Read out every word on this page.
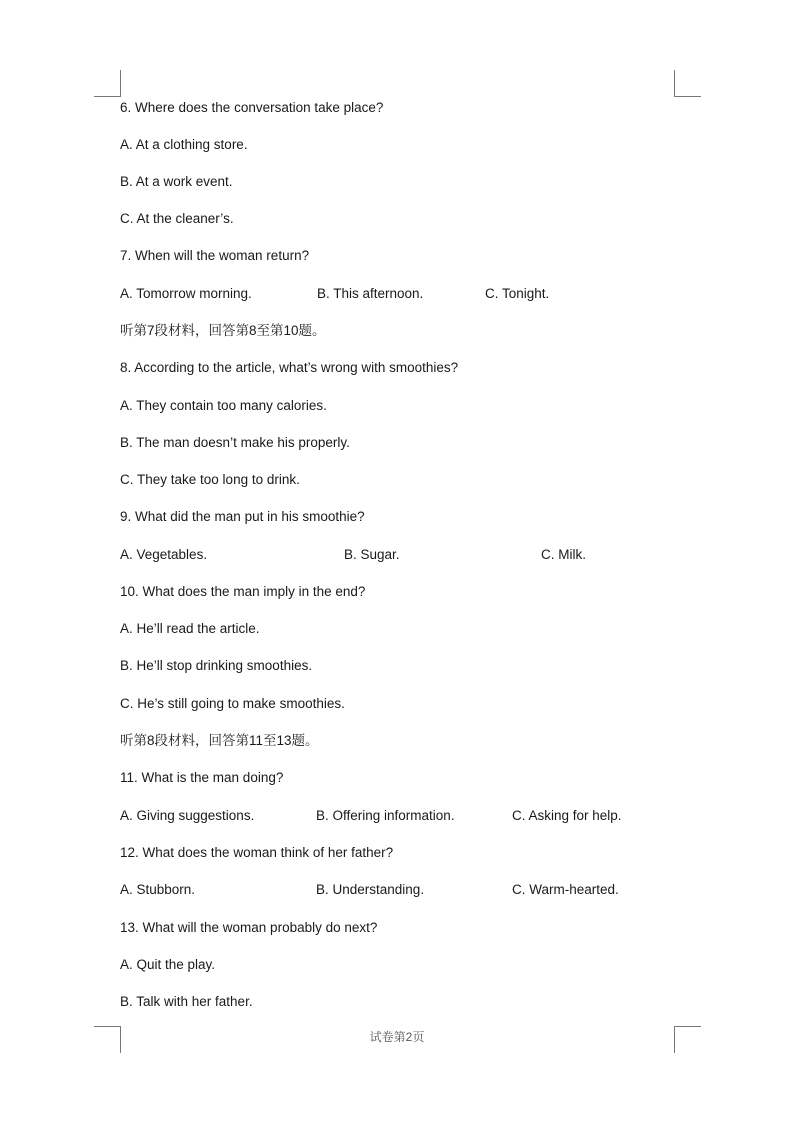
6. Where does the conversation take place?
A. At a clothing store.
B. At a work event.
C. At the cleaner’s.
7. When will the woman return?
A. Tomorrow morning.	B. This afternoon.	C. Tonight.
听第7段材料，回答第8至第10题。
8. According to the article, what’s wrong with smoothies?
A. They contain too many calories.
B. The man doesn’t make his properly.
C. They take too long to drink.
9. What did the man put in his smoothie?
A. Vegetables.	B. Sugar.	C. Milk.
10. What does the man imply in the end?
A. He’ll read the article.
B. He’ll stop drinking smoothies.
C. He’s still going to make smoothies.
听第8段材料，回答第11至13题。
11. What is the man doing?
A. Giving suggestions.	B. Offering information.	C. Asking for help.
12. What does the woman think of her father?
A. Stubborn.	B. Understanding.	C. Warm-hearted.
13. What will the woman probably do next?
A. Quit the play.
B. Talk with her father.
试卷第2页
